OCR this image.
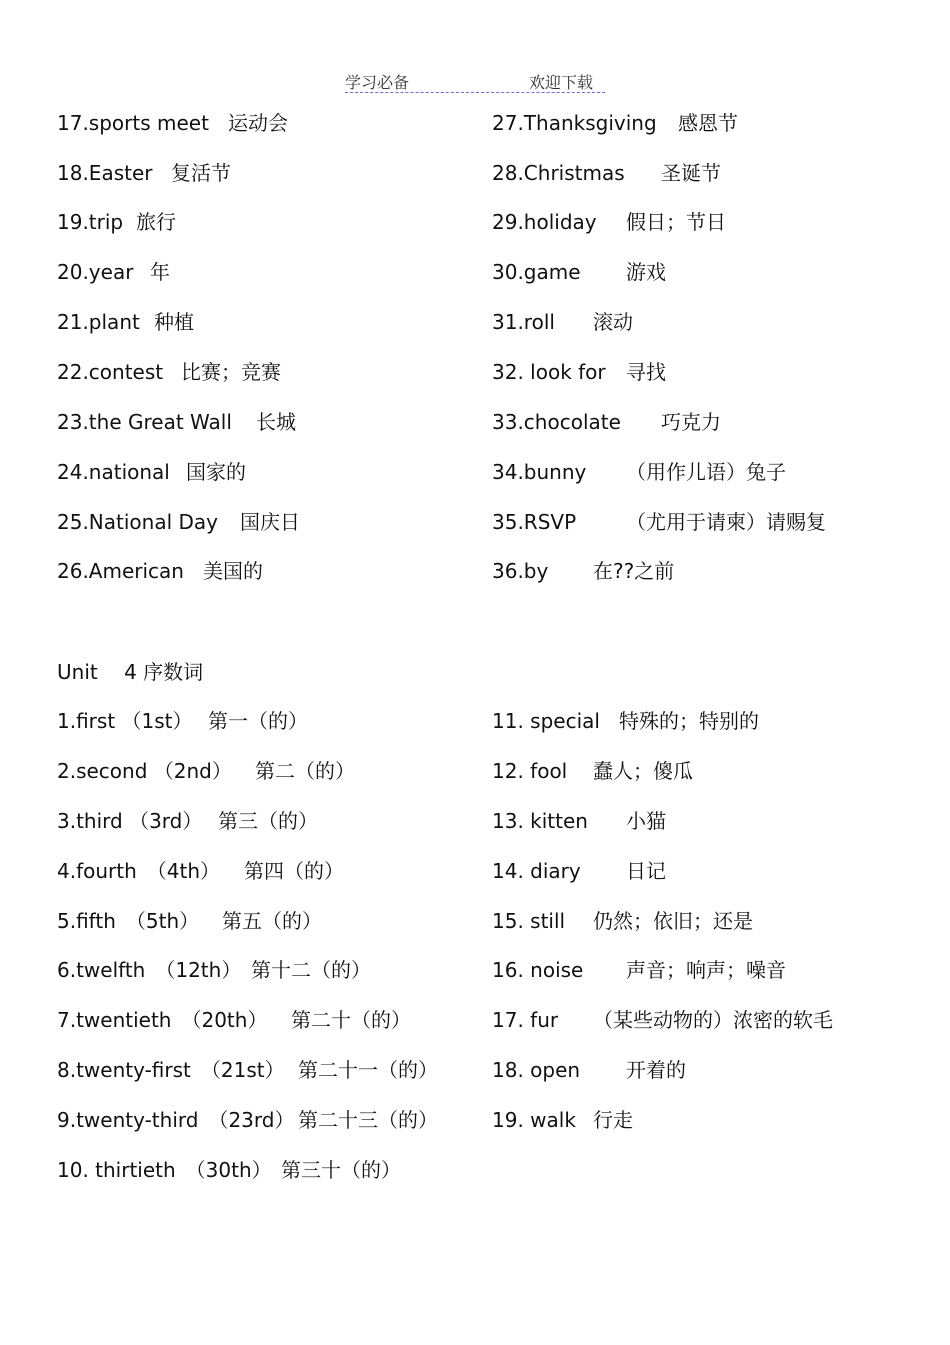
学习必备	欢迎下载
17.sports meet 运动会
18.Easter 复活节
19.trip 旅行
20.year 年
21.plant 种植
22.contest 比赛；竞赛
23.the Great Wall 长城
24.national 国家的
25.National Day 国庆日
26.American 美国的
27.Thanksgiving 感恩节
28.Christmas 圣诞节
29.holiday 假日；节日
30.game 游戏
31.roll 滚动
32. look for 寻找
33.chocolate 巧克力
34.bunny （用作儿语）兔子
35.RSVP （尤用于请柬）请赐复
36.by 在??之前
Unit　 4 序数词
1.first （1st） 第一（的）
2.second （2nd） 第二（的）
3.third （3rd） 第三（的）
4.fourth　（4th） 第四（的）
5.fifth　（5th） 第五（的）
6.twelfth　（12th） 第十二（的）
7.twentieth　（20th） 第二十（的）
8.twenty-first　（21st） 第二十一（的）
9.twenty-third　（23rd） 第二十三（的）
10. thirtieth　（30th） 第三十（的）
11. special 特殊的；特别的
12. fool 蠢人；傻瓜
13. kitten 小猫
14. diary 日记
15. still 仍然；依旧；还是
16. noise 声音；响声；噪音
17. fur （某些动物的）浓密的软毛
18. open 开着的
19. walk 行走
